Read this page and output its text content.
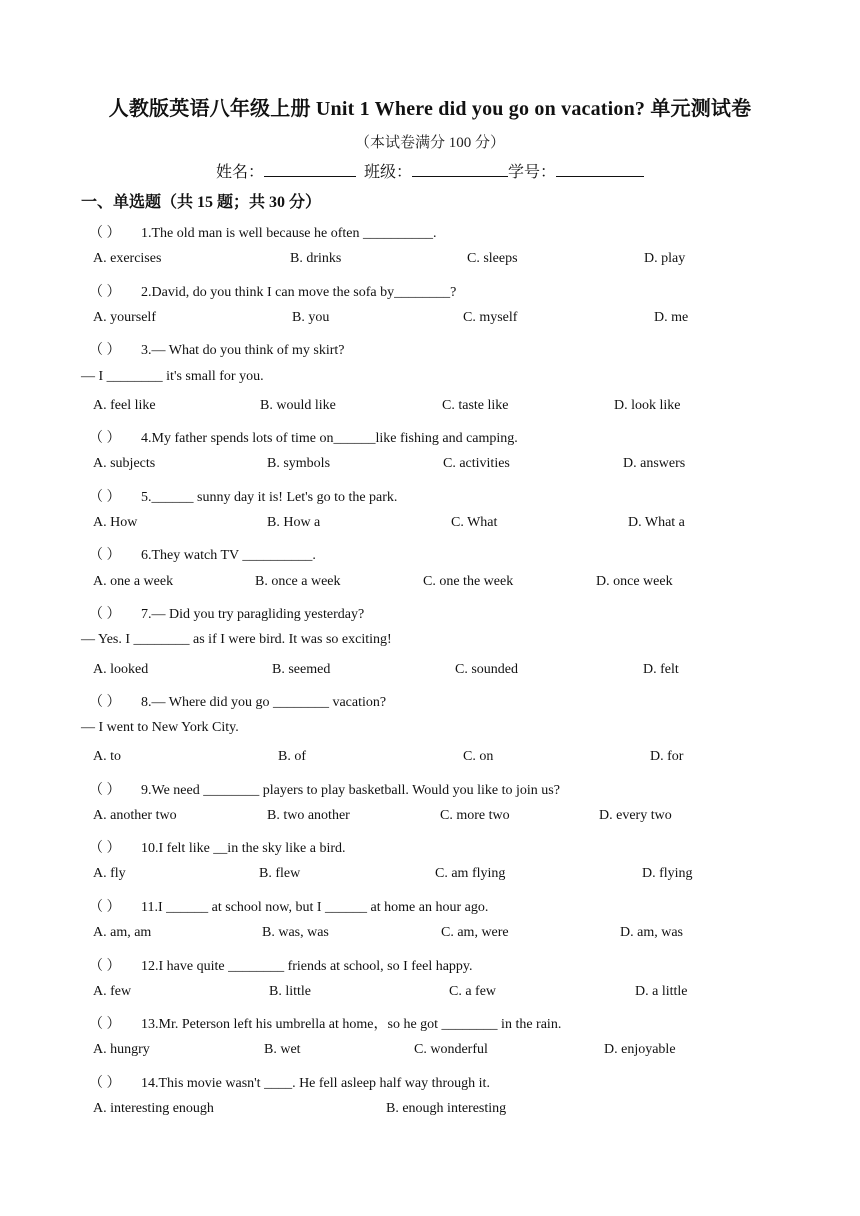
人教版英语八年级上册 Unit 1 Where did you go on vacation? 单元测试卷
（本试卷满分 100 分）
姓名：	班级：	学号：
一、单选题（共 15 题；共 30 分）
（ ） 1.The old man is well because he often __________.
A. exercises	B. drinks	C. sleeps	D. play
（ ） 2.David, do you think I can move the sofa by________?
A. yourself	B. you	C. myself	D. me
（ ） 3.— What do you think of my skirt?
— I ________ it's small for you.
A. feel like	B. would like	C. taste like	D. look like
（ ） 4.My father spends lots of time on______like fishing and camping.
A. subjects	B. symbols	C. activities	D. answers
（ ） 5.______ sunny day it is! Let's go to the park.
A. How	B. How a	C. What	D. What a
（ ） 6.They watch TV __________.
A. one a week	B. once a week	C. one the week	D. once week
（ ） 7.— Did you try paragliding yesterday?
— Yes. I ________ as if I were bird. It was so exciting!
A. looked	B. seemed	C. sounded	D. felt
（ ） 8.— Where did you go ________ vacation?
— I went to New York City.
A. to	B. of	C. on	D. for
（ ） 9.We need ________ players to play basketball. Would you like to join us?
A. another two	B. two another	C. more two	D. every two
（ ） 10.I felt like __in the sky like a bird.
A. fly	B. flew	C. am flying	D. flying
（ ） 11.I ______ at school now, but I ______ at home an hour ago.
A. am, am	B. was, was	C. am, were	D. am, was
（ ） 12.I have quite ________ friends at school, so I feel happy.
A. few	B. little	C. a few	D. a little
（ ） 13.Mr. Peterson left his umbrella at home，so he got ________ in the rain.
A. hungry	B. wet	C. wonderful	D. enjoyable
（ ） 14.This movie wasn't ____. He fell asleep half way through it.
A. interesting enough	B. enough interesting
